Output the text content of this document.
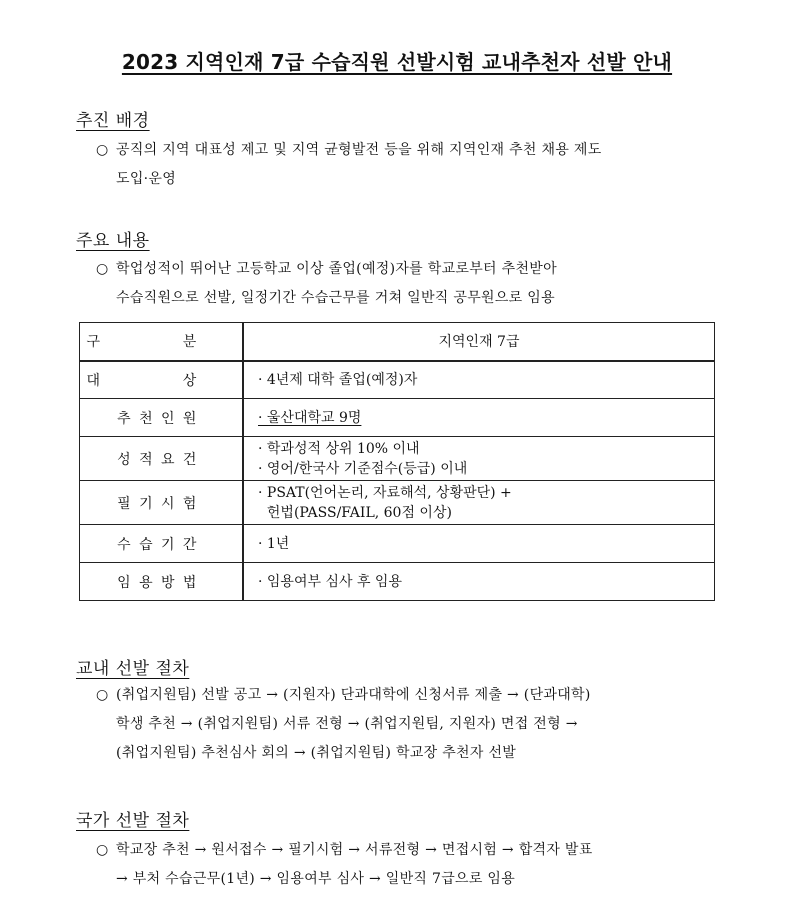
2023 지역인재 7급 수습직원 선발시험 교내추천자 선발 안내
추진 배경
○ 공직의 지역 대표성 제고 및 지역 균형발전 등을 위해 지역인재 추천 채용 제도
도입·운영
주요 내용
○ 학업성적이 뛰어난 고등학교 이상 졸업(예정)자를 학교로부터 추천받아
수습직원으로 선발, 일정기간 수습근무를 거쳐 일반직 공무원으로 임용
구 분	지역인재 7급
대 상	· 4년제 대학 졸업(예정)자

추천인원	· 울산대학교 9명

성적요건	· 학과성적 상위 10% 이내
· 영어/한국사 기준점수(등급) 이내

필기시험	· PSAT(언어논리, 자료해석, 상황판단) +
헌법(PASS/FAIL, 60점 이상)

수습기간	· 1년

임용방법	· 임용여부 심사 후 임용
교내 선발 절차
○ (취업지원팀) 선발 공고 → (지원자) 단과대학에 신청서류 제출 → (단과대학)
학생 추천 → (취업지원팀) 서류 전형 → (취업지원팀, 지원자) 면접 전형 →
(취업지원팀) 추천심사 회의 → (취업지원팀) 학교장 추천자 선발
국가 선발 절차
○ 학교장 추천 → 원서접수 → 필기시험 → 서류전형 → 면접시험 → 합격자 발표
→ 부처 수습근무(1년) → 임용여부 심사 → 일반직 7급으로 임용
